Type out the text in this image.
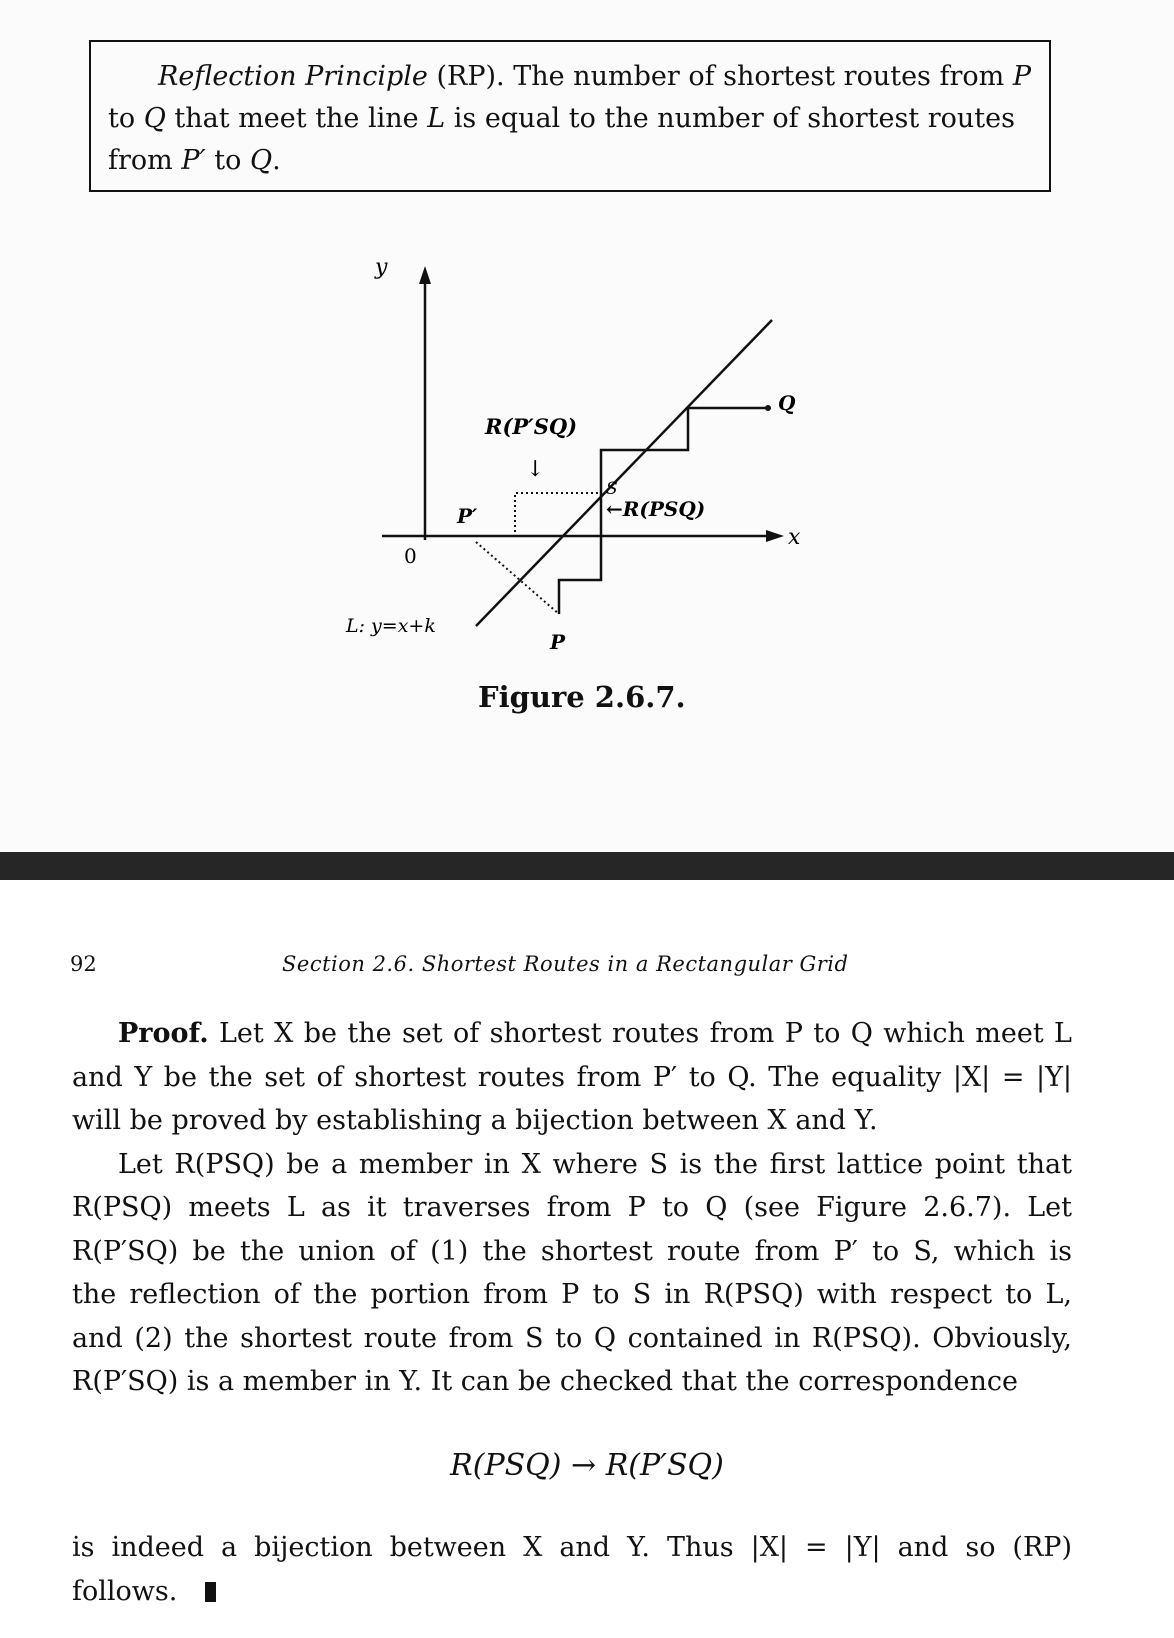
Reflection Principle (RP). The number of shortest routes from P
to Q that meet the line L is equal to the number of shortest routes
from P′ to Q.
y
x
0
L: y=x+k
P
P′
Q
S
R(P′SQ)
↓
←R(PSQ)
Figure 2.6.7.
92	Section 2.6. Shortest Routes in a Rectangular Grid

Proof. Let X be the set of shortest routes from P to Q which meet L
and Y be the set of shortest routes from P′ to Q. The equality |X| = |Y|
will be proved by establishing a bijection between X and Y.

Let R(PSQ) be a member in X where S is the first lattice point that
R(PSQ) meets L as it traverses from P to Q (see Figure 2.6.7). Let
R(P′SQ) be the union of (1) the shortest route from P′ to S, which is
the reflection of the portion from P to S in R(PSQ) with respect to L,
and (2) the shortest route from S to Q contained in R(PSQ). Obviously,
R(P′SQ) is a member in Y. It can be checked that the correspondence

R(PSQ) → R(P′SQ)
is indeed a bijection between X and Y. Thus |X| = |Y| and so (RP)
follows.
